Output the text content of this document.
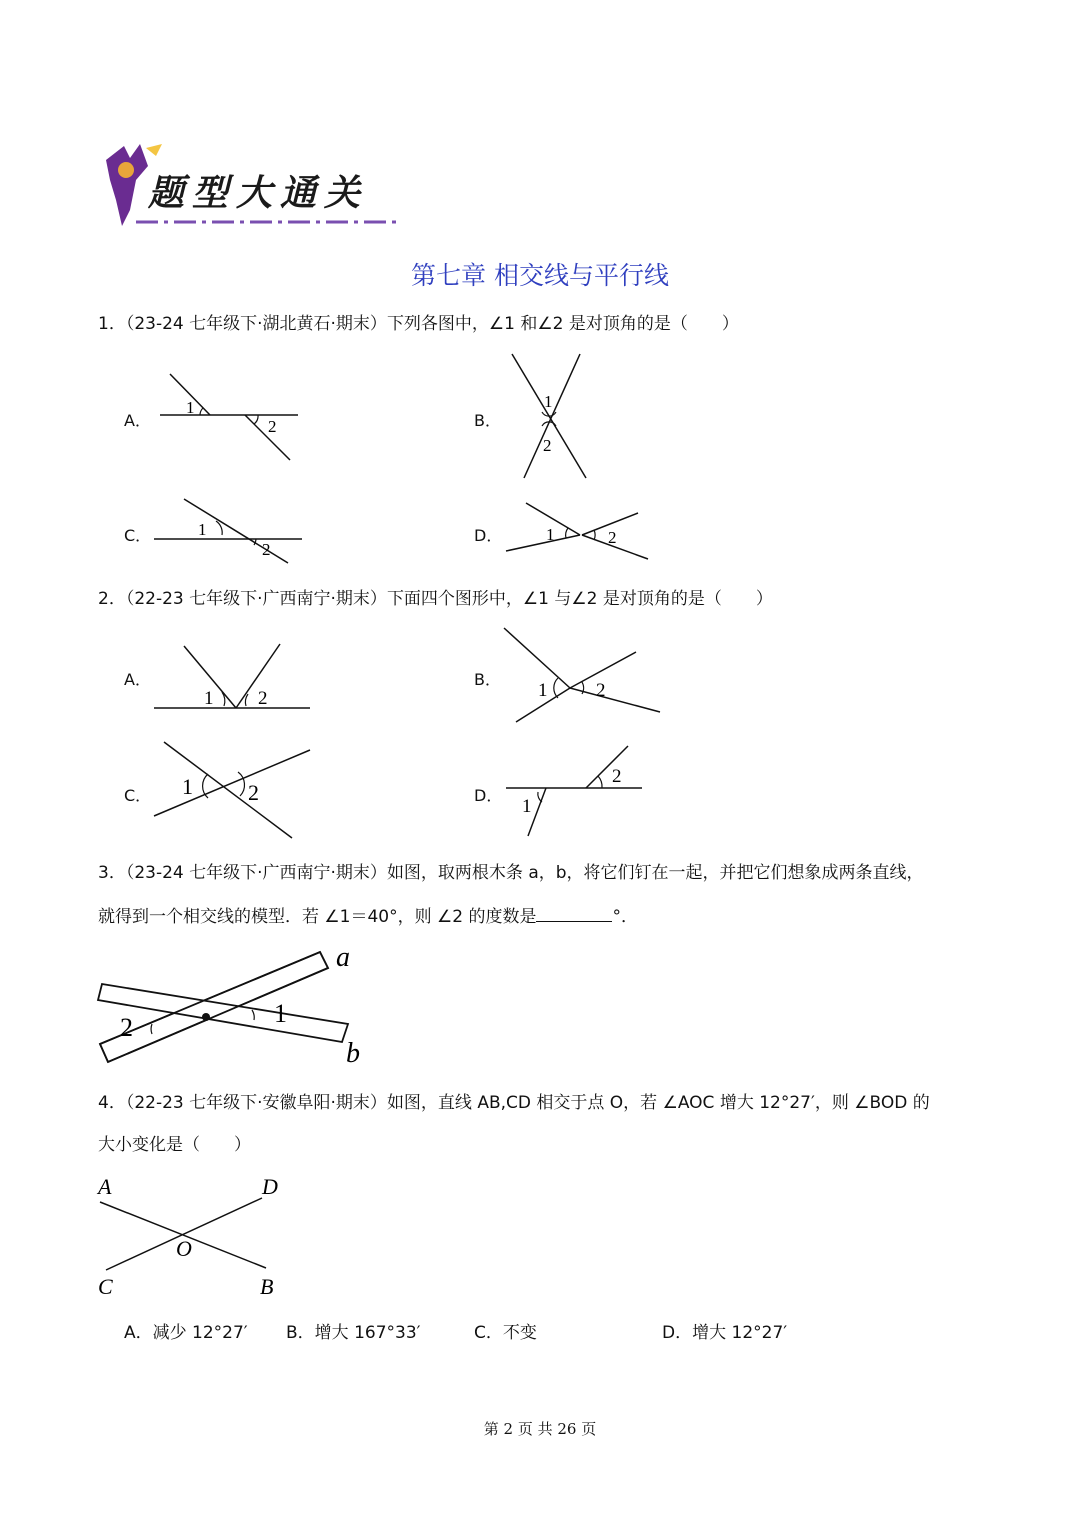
题型大通关
第七章 相交线与平行线
1．（23-24 七年级下·湖北黄石·期末）下列各图中，∠1 和∠2 是对顶角的是（　　）
A．
1
2	B．
1
2
C．	1
2
D．	1	2
2．（22-23 七年级下·广西南宁·期末）下面四个图形中，∠1 与∠2 是对顶角的是（　　）
A．
1 2
B．
1	2
C． 1	2	D．
2
1
3．（23-24 七年级下·广西南宁·期末）如图，取两根木条 a，b，将它们钉在一起，并把它们想象成两条直线，
就得到一个相交线的模型．若 ∠1＝40°，则 ∠2 的度数是	°．
2	1
a
b
4．（22-23 七年级下·安徽阜阳·期末）如图，直线 AB,CD 相交于点 O，若 ∠AOC 增大 12°27′，则 ∠BOD 的
大小变化是（　　）
A	D
O
C	B
A．减少 12°27′ B．增大 167°33′	C．不变	D．增大 12°27′
第 2 页 共 26 页
